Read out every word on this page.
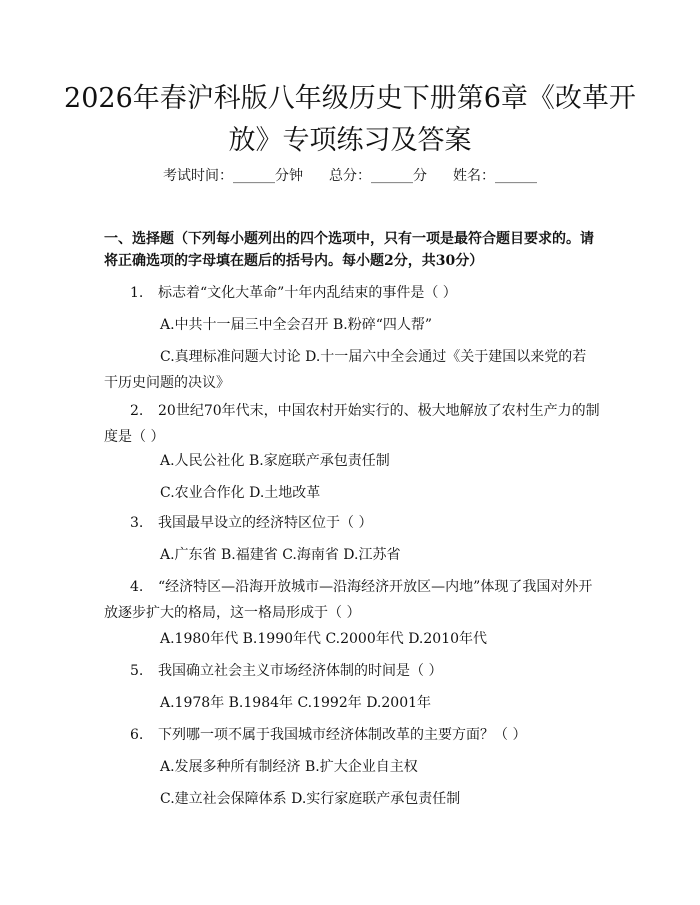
2026年春沪科版八年级历史下册第6章《改革开放》专项练习及答案
考试时间：______分钟 总分：______分 姓名：______
一、选择题（下列每小题列出的四个选项中，只有一项是最符合题目要求的。请将正确选项的字母填在题后的括号内。每小题2分，共30分）
1. 标志着“文化大革命”十年内乱结束的事件是（ ）
A.中共十一届三中全会召开 B.粉碎“四人帮”
C.真理标准问题大讨论 D.十一届六中全会通过《关于建国以来党的若干历史问题的决议》
2. 20世纪70年代末，中国农村开始实行的、极大地解放了农村生产力的制度是（ ）
A.人民公社化 B.家庭联产承包责任制
C.农业合作化 D.土地改革
3. 我国最早设立的经济特区位于（ ）
A.广东省 B.福建省 C.海南省 D.江苏省
4. “经济特区—沿海开放城市—沿海经济开放区—内地”体现了我国对外开放逐步扩大的格局，这一格局形成于（ ）
A.1980年代 B.1990年代 C.2000年代 D.2010年代
5. 我国确立社会主义市场经济体制的时间是（ ）
A.1978年 B.1984年 C.1992年 D.2001年
6. 下列哪一项不属于我国城市经济体制改革的主要方面？（ ）
A.发展多种所有制经济 B.扩大企业自主权
C.建立社会保障体系 D.实行家庭联产承包责任制
